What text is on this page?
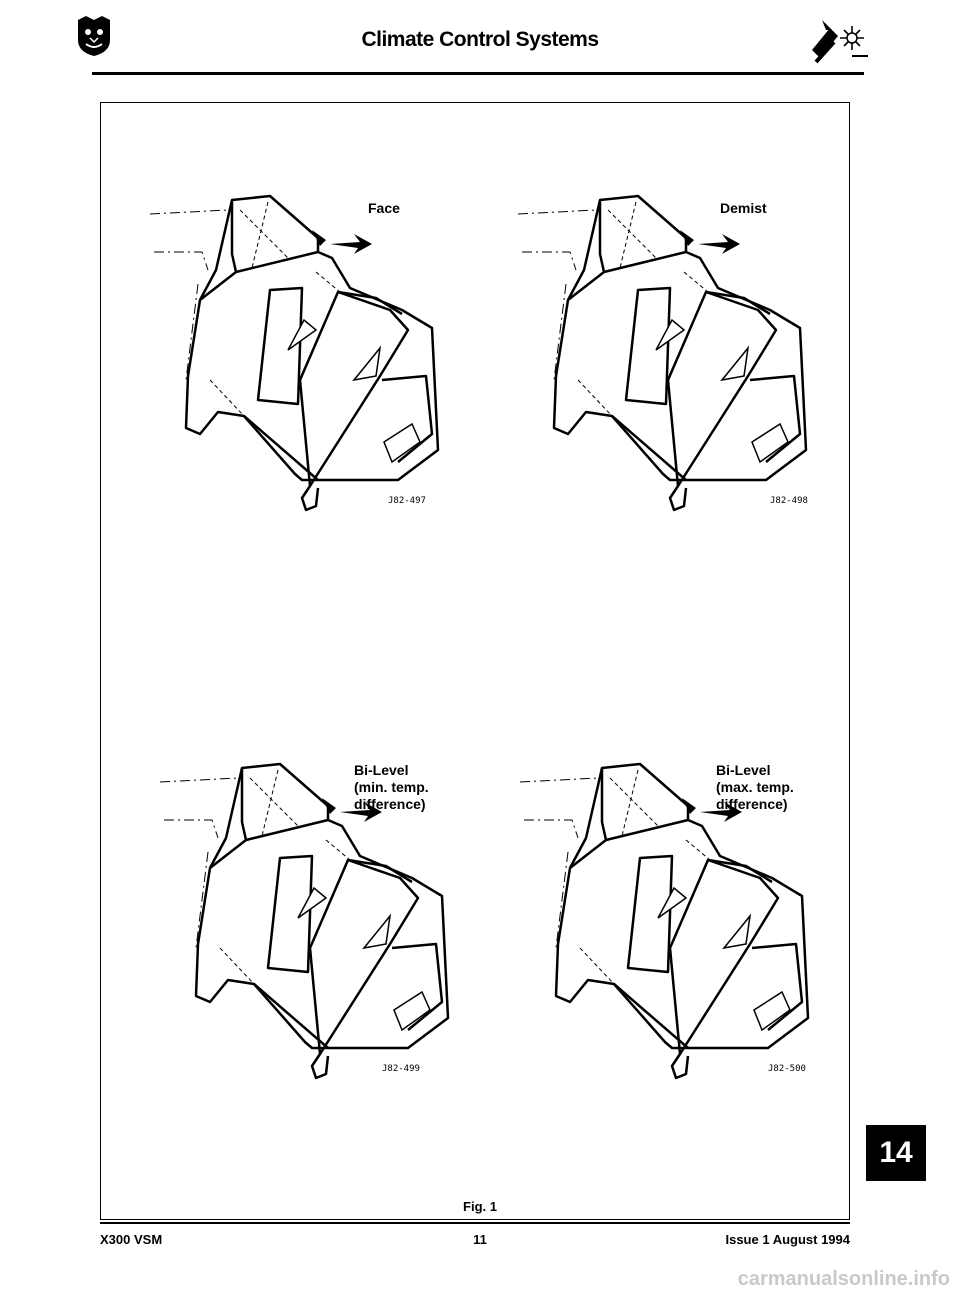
Climate Control Systems
Face
J82-497
Demist
J82-498
Bi-Level
(min. temp.
difference)
J82-499
Bi-Level
(max. temp.
difference)
J82-500
Fig. 1
X300 VSM	11	Issue 1 August 1994
14
carmanualsonline.info
